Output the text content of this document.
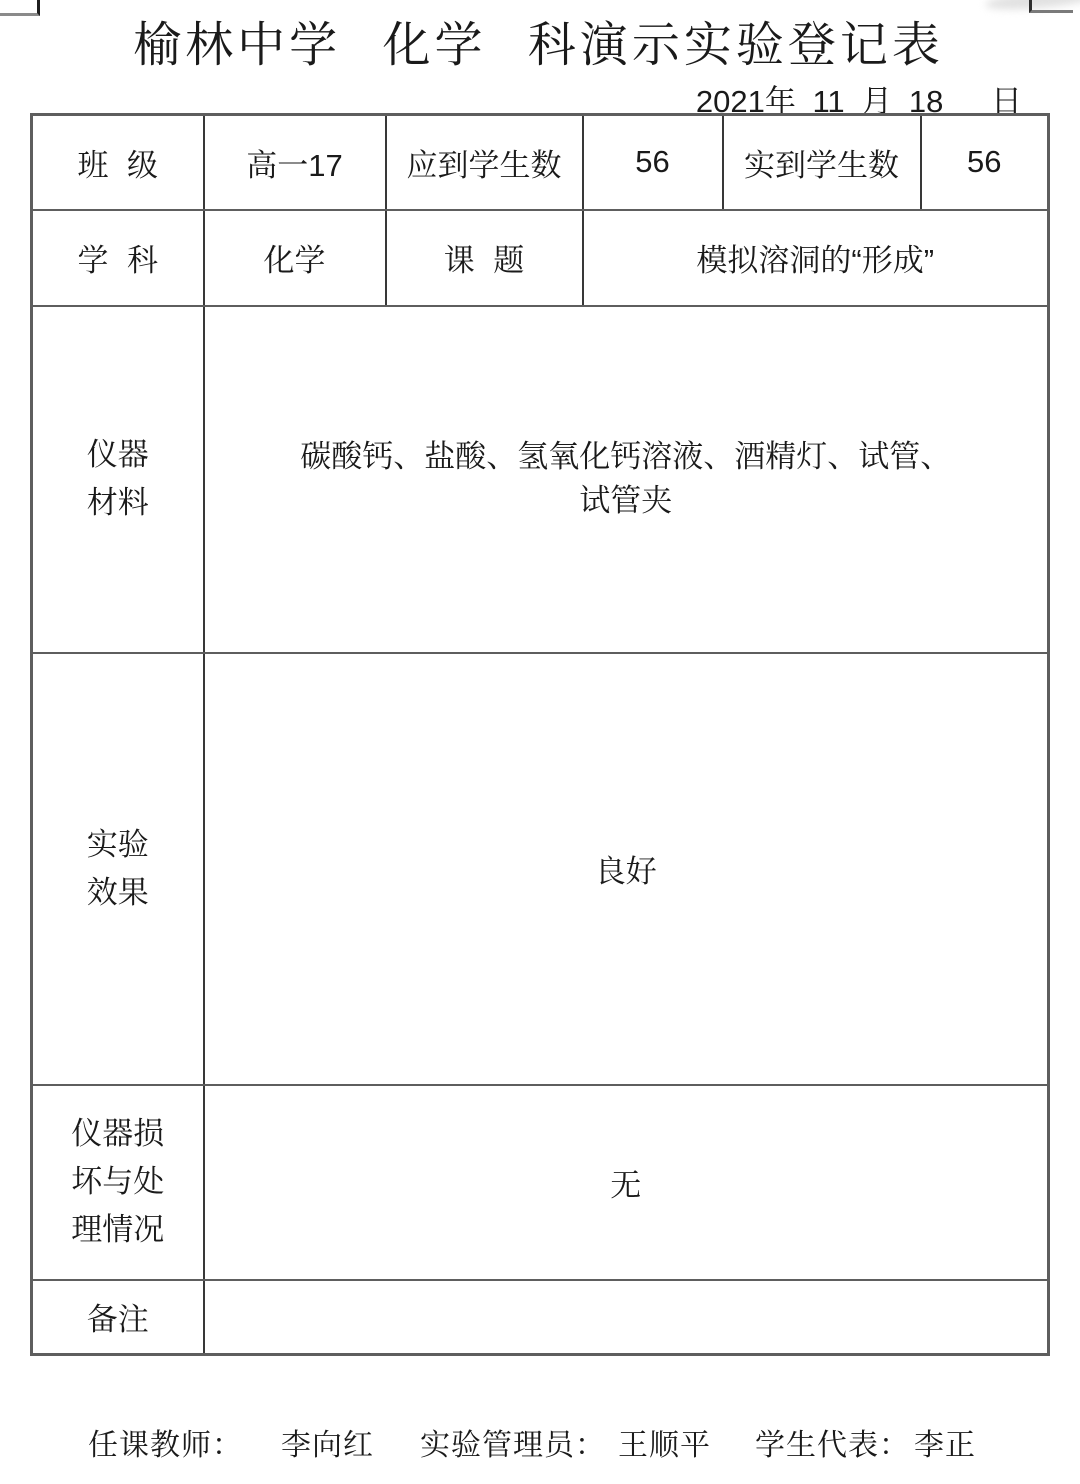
榆林中学 化学 科演示实验登记表
2021年 11 月 18　 日
班 级	高一17	应到学生数	56	实到学生数	56
学 科	化学	课 题	模拟溶洞的“形成”		

仪器
材料	碳酸钙、盐酸、氢氧化钙溶液、酒精灯、试管、
试管夹				

实验
效果	良好				

仪器损
坏与处
理情况	无				
备注					
任课教师： 李向红 实验管理员： 王顺平 学生代表： 李正
